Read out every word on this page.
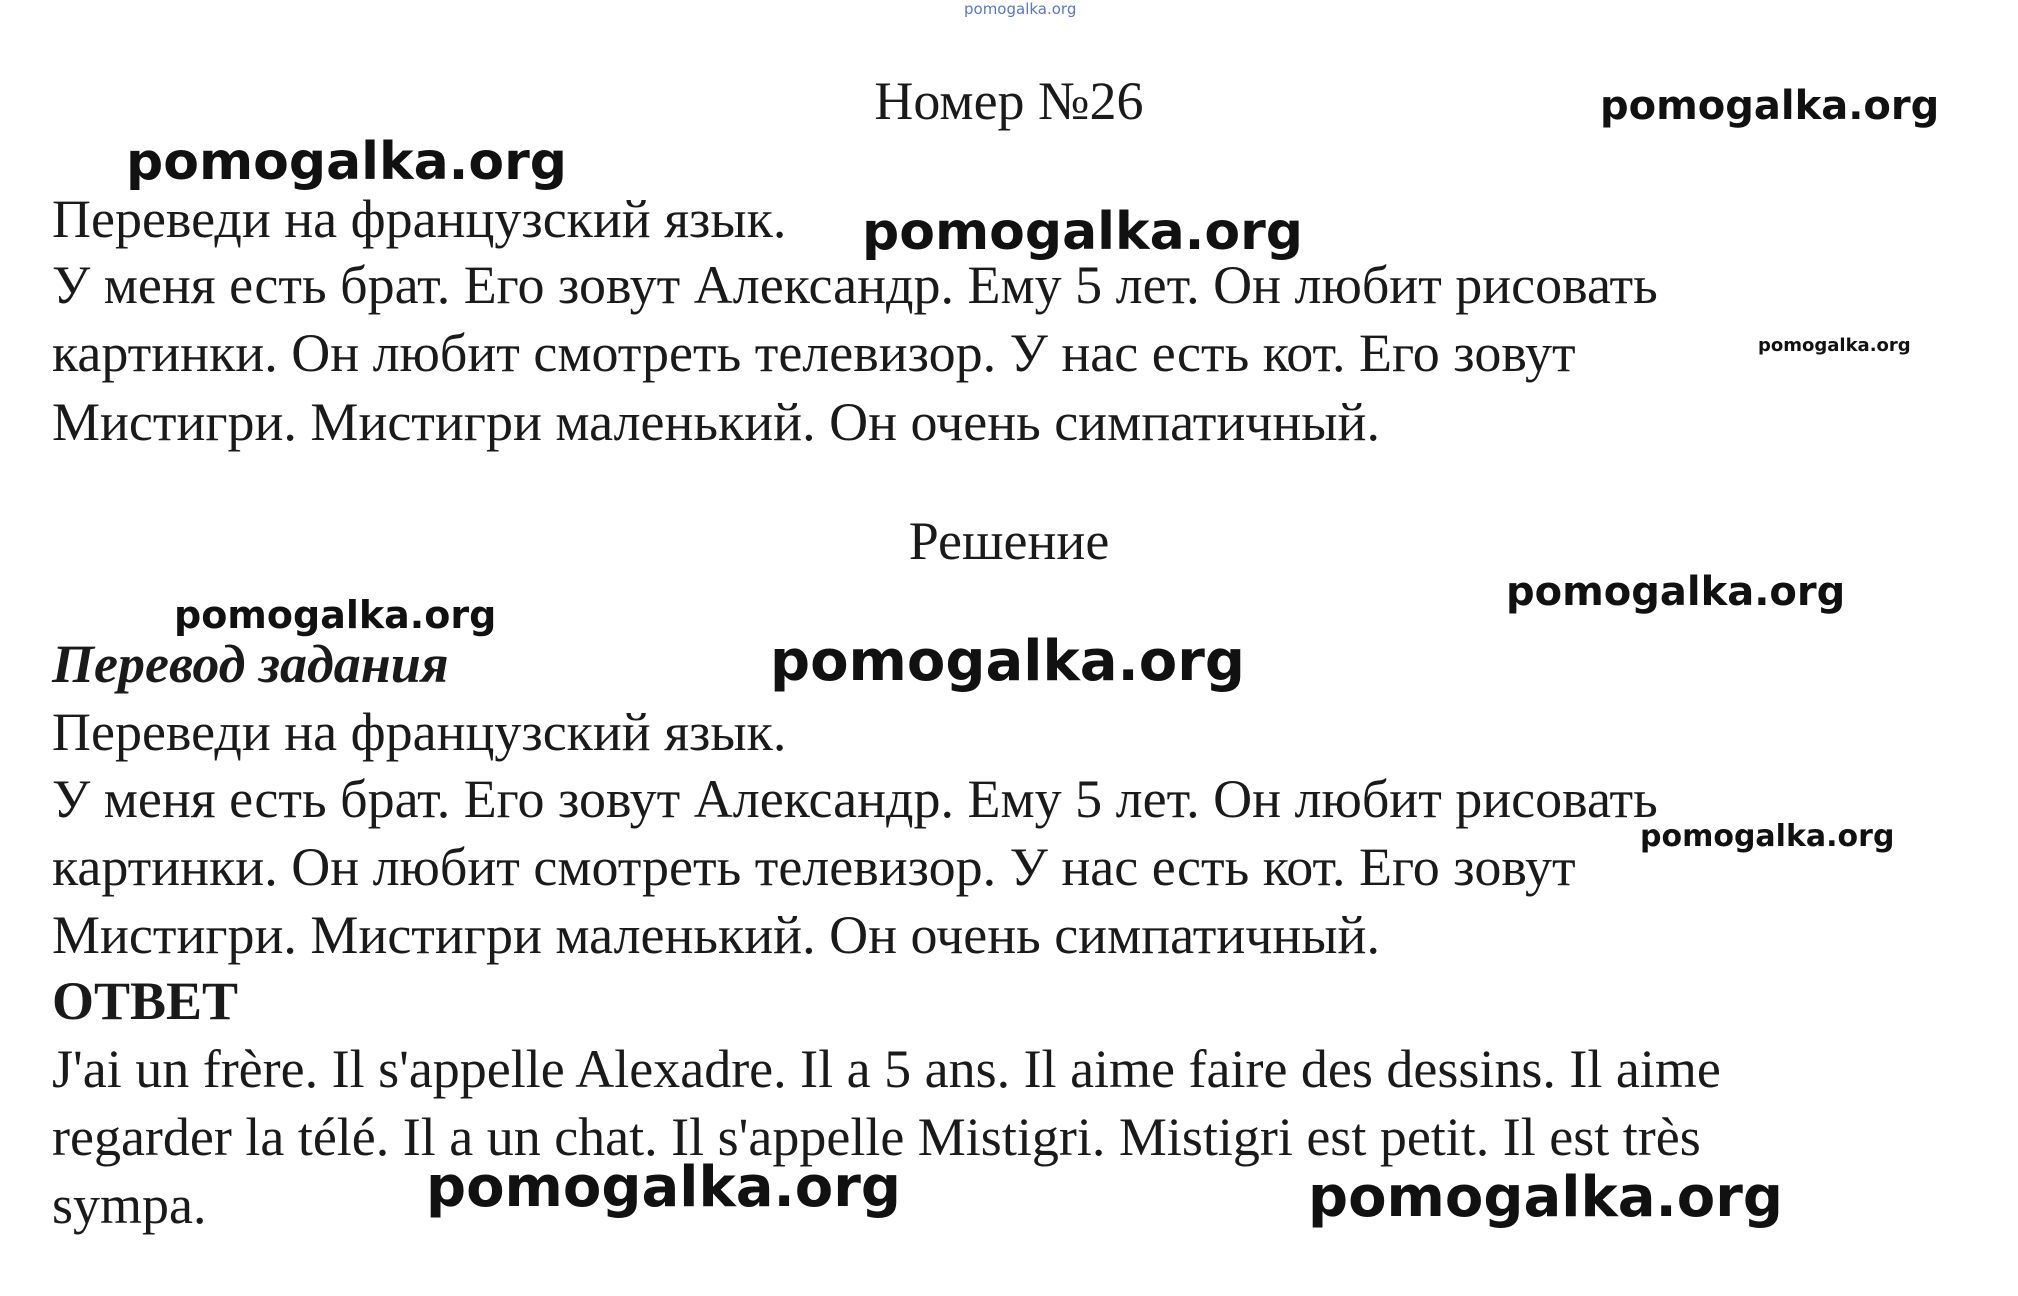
pomogalka.org
Номер №26	pomogalka.org
pomogalka.org
Переведи на французский язык. pomogalka.org
У меня есть брат. Его зовут Александр. Ему 5 лет. Он любит рисовать
картинки. Он любит смотреть телевизор. У нас есть кот. Его зовут	pomogalka.org
Мистигри. Мистигри маленький. Он очень симпатичный.
Решение
pomogalka.org
pomogalka.org
Перевод задания	pomogalka.org
Переведи на французский язык.
У меня есть брат. Его зовут Александр. Ему 5 лет. Он любит рисовать
pomogalka.org
картинки. Он любит смотреть телевизор. У нас есть кот. Его зовут
Мистигри. Мистигри маленький. Он очень симпатичный.
ОТВЕТ
J'ai un frère. Il s'appelle Alexadre. Il a 5 ans. Il aime faire des dessins. Il aime
regarder la télé. Il a un chat. Il s'appelle Mistigri. Mistigri est petit. Il est très
sympa.	pomogalka.org	pomogalka.org
